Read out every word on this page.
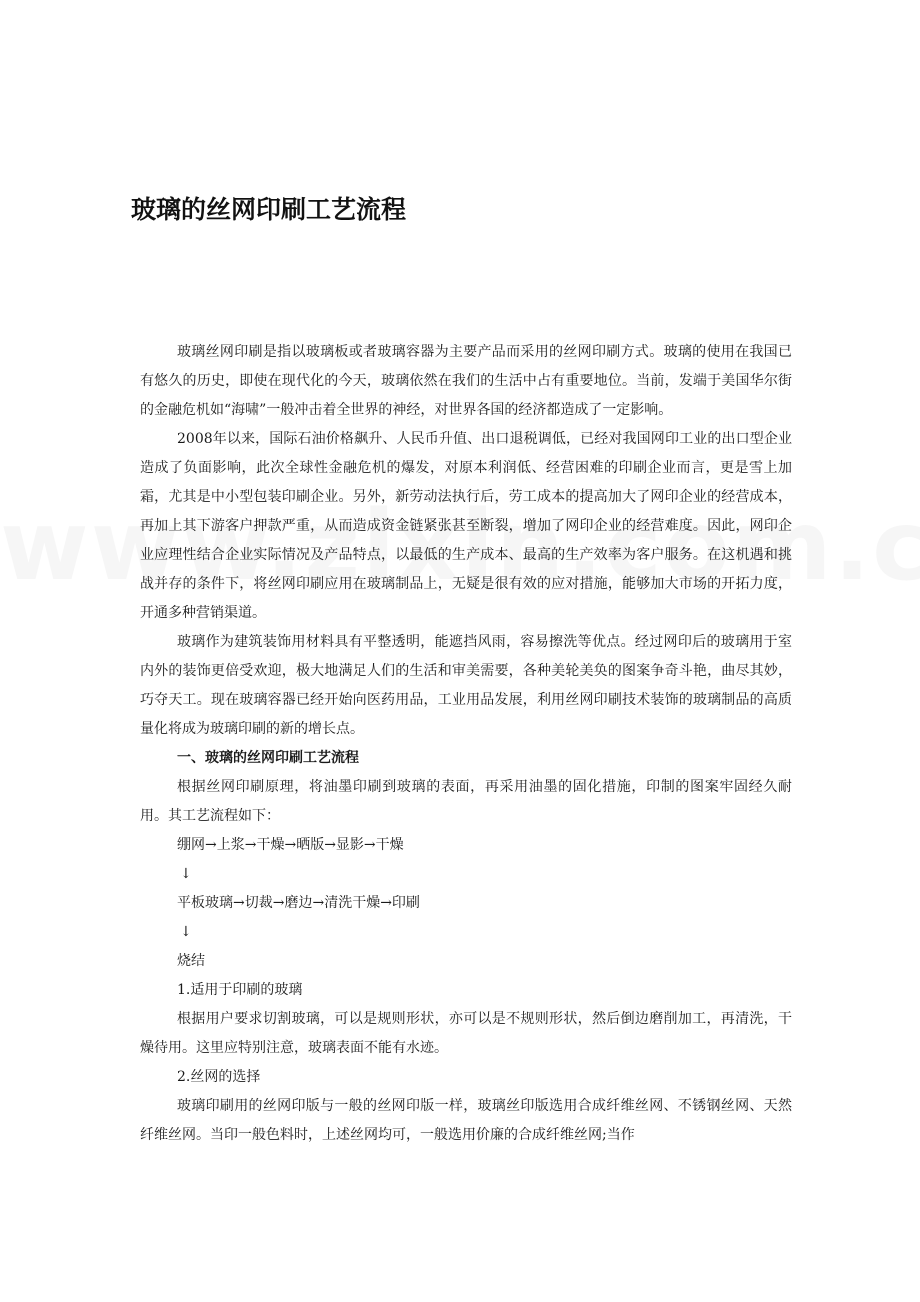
玻璃的丝网印刷工艺流程

玻璃丝网印刷是指以玻璃板或者玻璃容器为主要产品而采用的丝网印刷方式。玻璃的使用在我国已有悠久的历史，即使在现代化的今天，玻璃依然在我们的生活中占有重要地位。当前，发端于美国华尔街的金融危机如“海啸”一般冲击着全世界的神经，对世界各国的经济都造成了一定影响。

2008年以来，国际石油价格飙升、人民币升值、出口退税调低，已经对我国网印工业的出口型企业造成了负面影响，此次全球性金融危机的爆发，对原本利润低、经营困难的印刷企业而言，更是雪上加霜，尤其是中小型包装印刷企业。另外，新劳动法执行后，劳工成本的提高加大了网印企业的经营成本，再加上其下游客户押款严重，从而造成资金链紧张甚至断裂，增加了网印企业的经营难度。因此，网印企业应理性结合企业实际情况及产品特点，以最低的生产成本、最高的生产效率为客户服务。在这机遇和挑战并存的条件下，将丝网印刷应用在玻璃制品上，无疑是很有效的应对措施，能够加大市场的开拓力度，开通多种营销渠道。

玻璃作为建筑装饰用材料具有平整透明，能遮挡风雨，容易擦洗等优点。经过网印后的玻璃用于室内外的装饰更倍受欢迎，极大地满足人们的生活和审美需要，各种美轮美奂的图案争奇斗艳，曲尽其妙，巧夺天工。现在玻璃容器已经开始向医药用品，工业用品发展，利用丝网印刷技术装饰的玻璃制品的高质量化将成为玻璃印刷的新的增长点。

一、玻璃的丝网印刷工艺流程

根据丝网印刷原理，将油墨印刷到玻璃的表面，再采用油墨的固化措施，印制的图案牢固经久耐用。其工艺流程如下：

绷网→上浆→干燥→晒版→显影→干燥

↓

平板玻璃→切裁→磨边→清洗干燥→印刷

↓

烧结

1.适用于印刷的玻璃

根据用户要求切割玻璃，可以是规则形状，亦可以是不规则形状，然后倒边磨削加工，再清洗，干燥待用。这里应特别注意，玻璃表面不能有水迹。

2.丝网的选择

玻璃印刷用的丝网印版与一般的丝网印版一样，玻璃丝印版选用合成纤维丝网、不锈钢丝网、天然纤维丝网。当印一般色料时，上述丝网均可，一般选用价廉的合成纤维丝网;当作
